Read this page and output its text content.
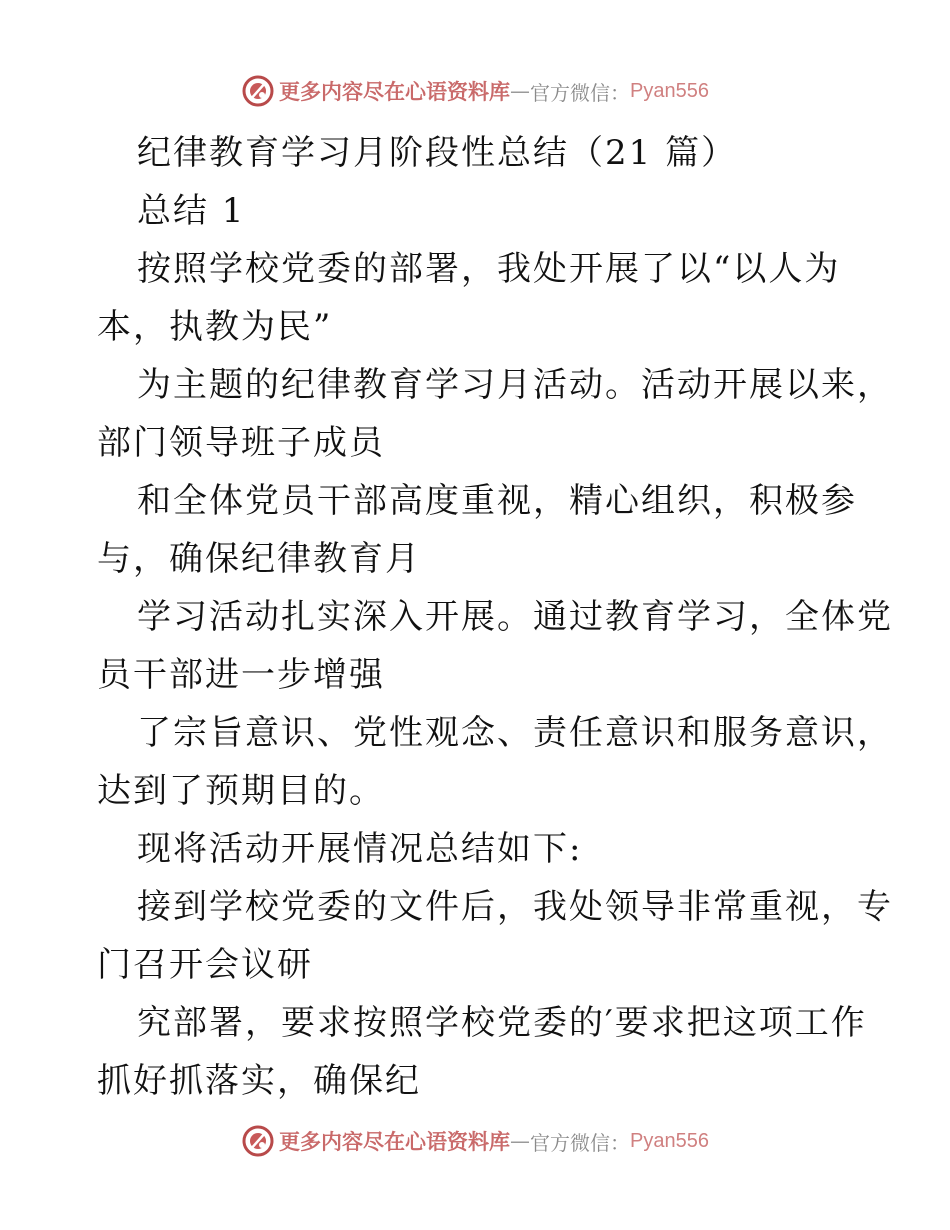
更多内容尽在心语资料库 — 官方微信： Pyan556
纪律教育学习月阶段性总结（21 篇）
总结 1
按照学校党委的部署，我处开展了以“以人为
本，执教为民”
为主题的纪律教育学习月活动。活动开展以来，
部门领导班子成员
和全体党员干部高度重视，精心组织，积极参
与，确保纪律教育月
学习活动扎实深入开展。通过教育学习，全体党
员干部进一步增强
了宗旨意识、党性观念、责任意识和服务意识，
达到了预期目的。
现将活动开展情况总结如下:
接到学校党委的文件后，我处领导非常重视，专
门召开会议研
究部署，要求按照学校党委的′要求把这项工作
抓好抓落实，确保纪
更多内容尽在心语资料库 — 官方微信： Pyan556
